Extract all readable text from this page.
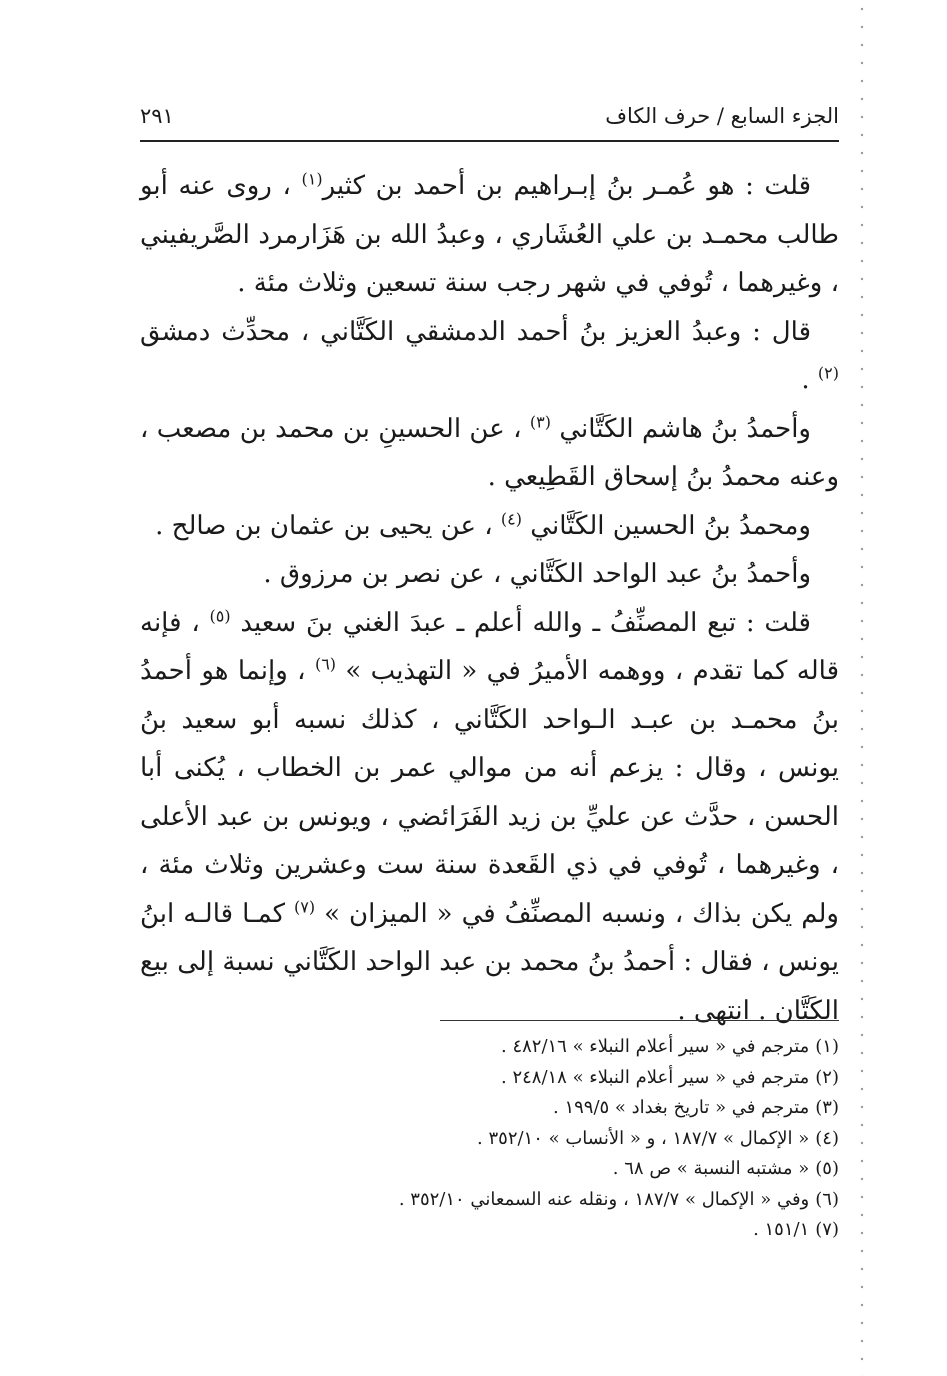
الجزء السابع / حرف الكاف
٢٩١

قلت : هو عُمـر بنُ إبـراهيم بن أحمد بن كثير$^{(١)}$ ، روى عنه أبو طالب محمـد بن علي العُشَاري ، وعبدُ الله بن هَزَارمرد الصَّريفيني ، وغيرهما ، تُوفي في شهر رجب سنة تسعين وثلاث مئة .

قال : وعبدُ العزيز بنُ أحمد الدمشقي الكَتَّاني ، محدِّث دمشق $^{(٢)}$ .

وأحمدُ بنُ هاشم الكَتَّاني $^{(٣)}$ ، عن الحسينِ بن محمد بن مصعب ، وعنه محمدُ بنُ إسحاق القَطِيعي .

ومحمدُ بنُ الحسين الكَتَّاني $^{(٤)}$ ، عن يحيى بن عثمان بن صالح .

وأحمدُ بنُ عبد الواحد الكَتَّاني ، عن نصر بن مرزوق .

قلت : تبع المصنِّفُ ـ والله أعلم ـ عبدَ الغني بنَ سعيد $^{(٥)}$ ، فإنه قاله كما تقدم ، ووهمه الأميرُ في « التهذيب » $^{(٦)}$ ، وإنما هو أحمدُ بنُ محمـد بن عبـد الـواحد الكَتَّاني ، كذلك نسبه أبو سعيد بنُ يونس ، وقال : يزعم أنه من موالي عمر بن الخطاب ، يُكنى أبا الحسن ، حدَّث عن عليِّ بن زيد الفَرَائضي ، ويونس بن عبد الأعلى ، وغيرهما ، تُوفي في ذي القَعدة سنة ست وعشرين وثلاث مئة ، ولم يكن بذاك ، ونسبه المصنِّفُ في « الميزان » $^{(٧)}$ كمـا قالـه ابنُ يونس ، فقال : أحمدُ بنُ محمد بن عبد الواحد الكَتَّاني نسبة إلى بيع الكَتَّان . انتهى .

(١)مترجم في « سير أعلام النبلاء » ٤٨٢/١٦ .
(٢)مترجم في « سير أعلام النبلاء » ٢٤٨/١٨ .
(٣)مترجم في « تاريخ بغداد » ١٩٩/٥ .
(٤)« الإكمال » ١٨٧/٧ ، و « الأنساب » ٣٥٢/١٠ .
(٥)« مشتبه النسبة » ص ٦٨ .
(٦)وفي « الإكمال » ١٨٧/٧ ، ونقله عنه السمعاني ٣٥٢/١٠ .
(٧)١٥١/١ .
